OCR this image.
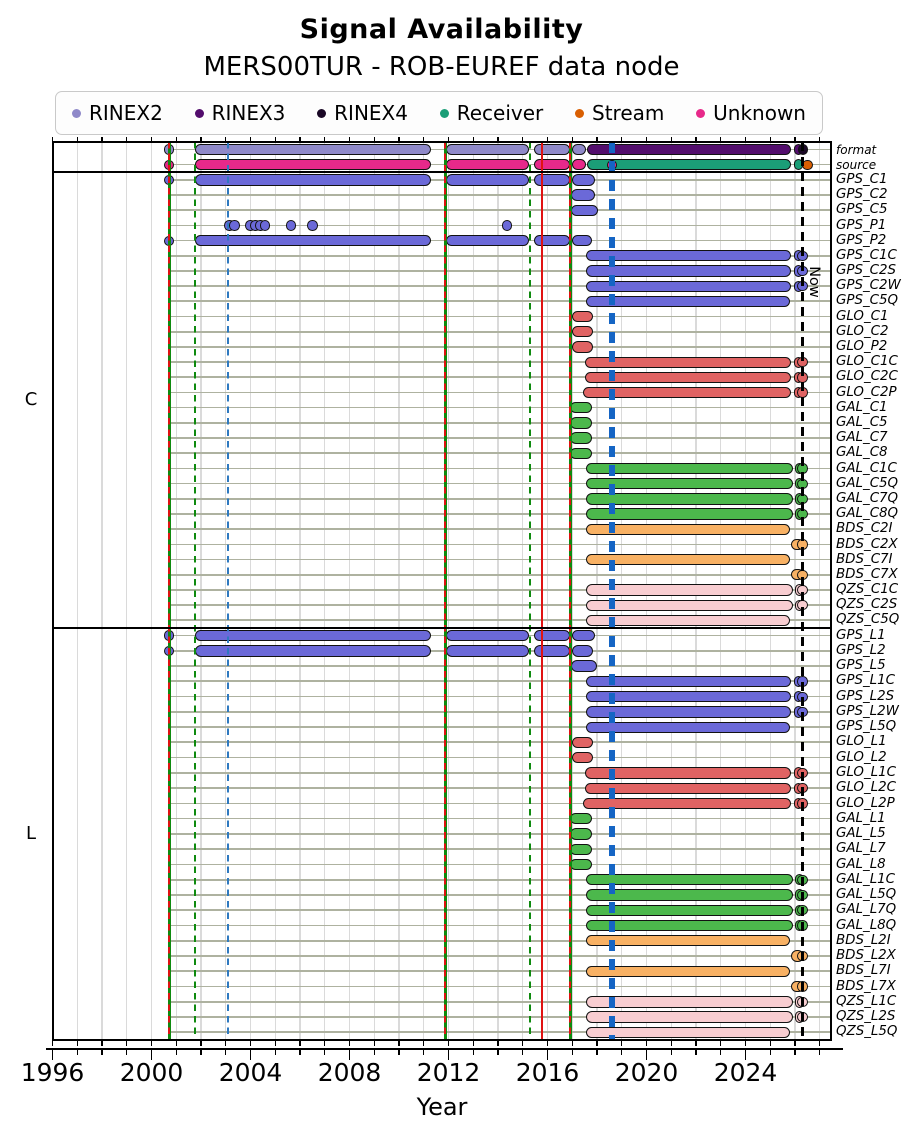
Signal Availability
MERS00TUR - ROB-EUREF data node
RINEX2 RINEX3 RINEX4 Receiver Stream Unknown
format
source
GPS_C1
GPS_C2
GPS_C5
GPS_P1
GPS_P2
GPS_C1C
GPS_C2S
GPS_C2W
GPS_C5Q
GLO_C1
GLO_C2
GLO_P2
GLO_C1C
GLO_C2C
GLO_C2P
GAL_C1
GAL_C5
GAL_C7
GAL_C8
GAL_C1C
GAL_C5Q
GAL_C7Q
GAL_C8Q
BDS_C2I
BDS_C2X
BDS_C7I
BDS_C7X
QZS_C1C
QZS_C2S
QZS_C5Q
C
GPS_L1
GPS_L2
GPS_L5
GPS_L1C
GPS_L2S
GPS_L2W
GPS_L5Q
GLO_L1
GLO_L2
GLO_L1C
GLO_L2C
GLO_L2P
GAL_L1
GAL_L5
GAL_L7
GAL_L8
GAL_L1C
GAL_L5Q
GAL_L7Q
GAL_L8Q
BDS_L2I
BDS_L2X
BDS_L7I
BDS_L7X
QZS_L1C
QZS_L2S
QZS_L5Q
L
Now
1996	2000	2004	2008	2012	2016	2020	2024
Year
